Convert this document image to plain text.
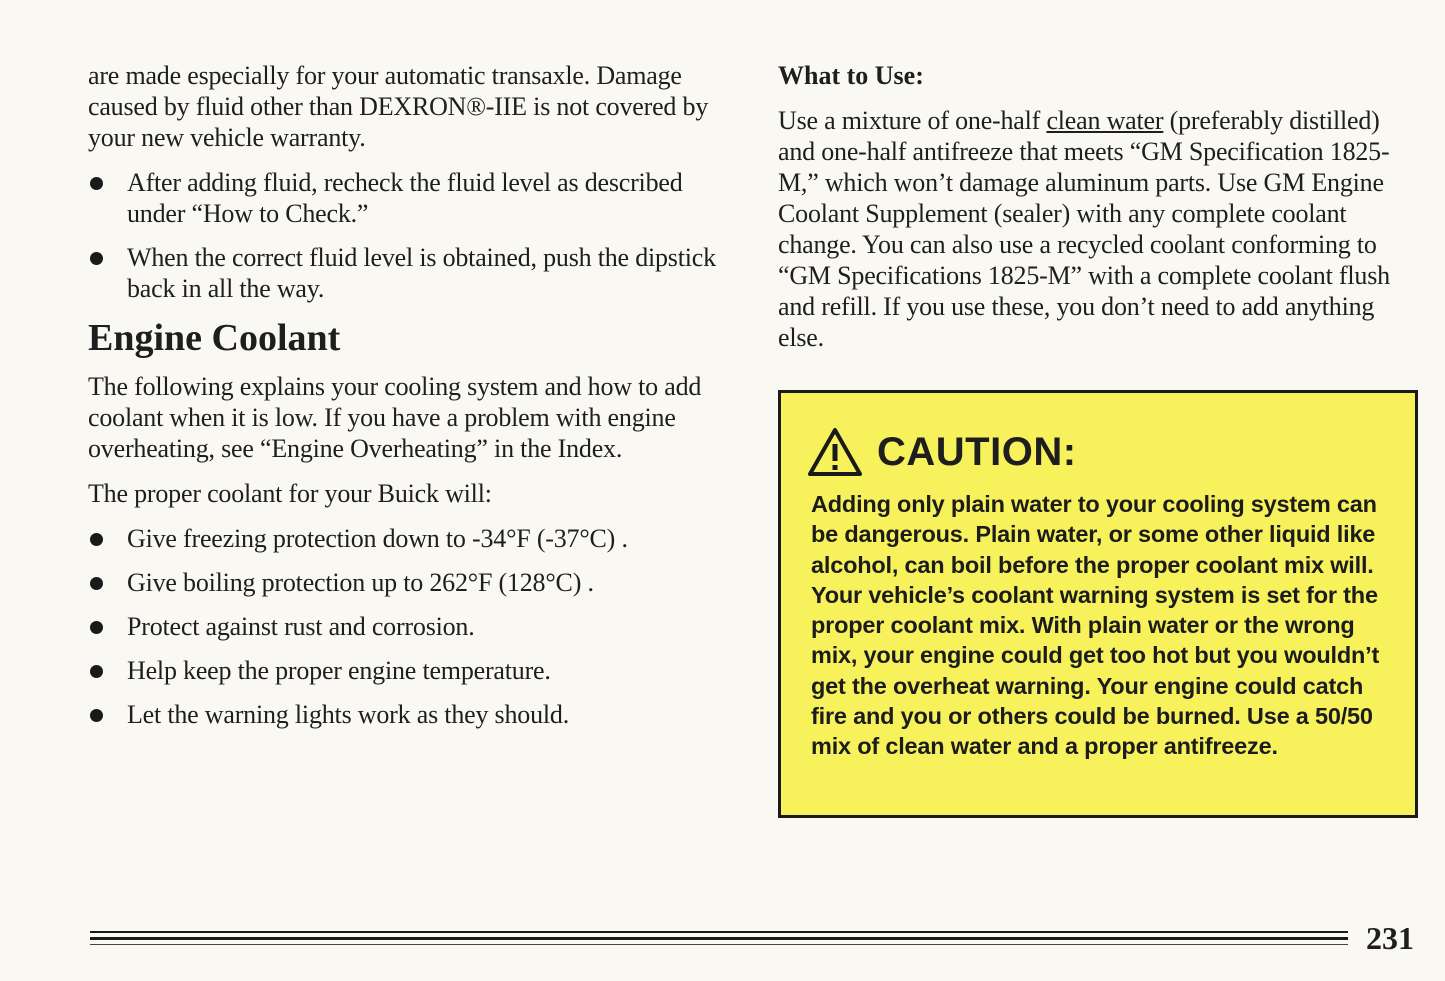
are made especially for your automatic transaxle. Damage caused by fluid other than DEXRON®-IIE is not covered by your new vehicle warranty.

After adding fluid, recheck the fluid level as described under “How to Check.”

When the correct fluid level is obtained, push the dipstick back in all the way.

Engine Coolant

The following explains your cooling system and how to add coolant when it is low. If you have a problem with engine overheating, see “Engine Overheating” in the Index.

The proper coolant for your Buick will:

Give freezing protection down to -34°F (-37°C) .

Give boiling protection up to 262°F (128°C) .

Protect against rust and corrosion.

Help keep the proper engine temperature.

Let the warning lights work as they should.

What to Use:

Use a mixture of one-half clean water (preferably distilled) and one-half antifreeze that meets “GM Specification 1825-M,” which won’t damage aluminum parts. Use GM Engine Coolant Supplement (sealer) with any complete coolant change. You can also use a recycled coolant conforming to “GM Specifications 1825-M” with a complete coolant flush and refill. If you use these, you don’t need to add anything else.

CAUTION:

Adding only plain water to your cooling system can be dangerous. Plain water, or some other liquid like alcohol, can boil before the proper coolant mix will. Your vehicle’s coolant warning system is set for the proper coolant mix. With plain water or the wrong mix, your engine could get too hot but you wouldn’t get the overheat warning. Your engine could catch fire and you or others could be burned. Use a 50/50 mix of clean water and a proper antifreeze.

231
